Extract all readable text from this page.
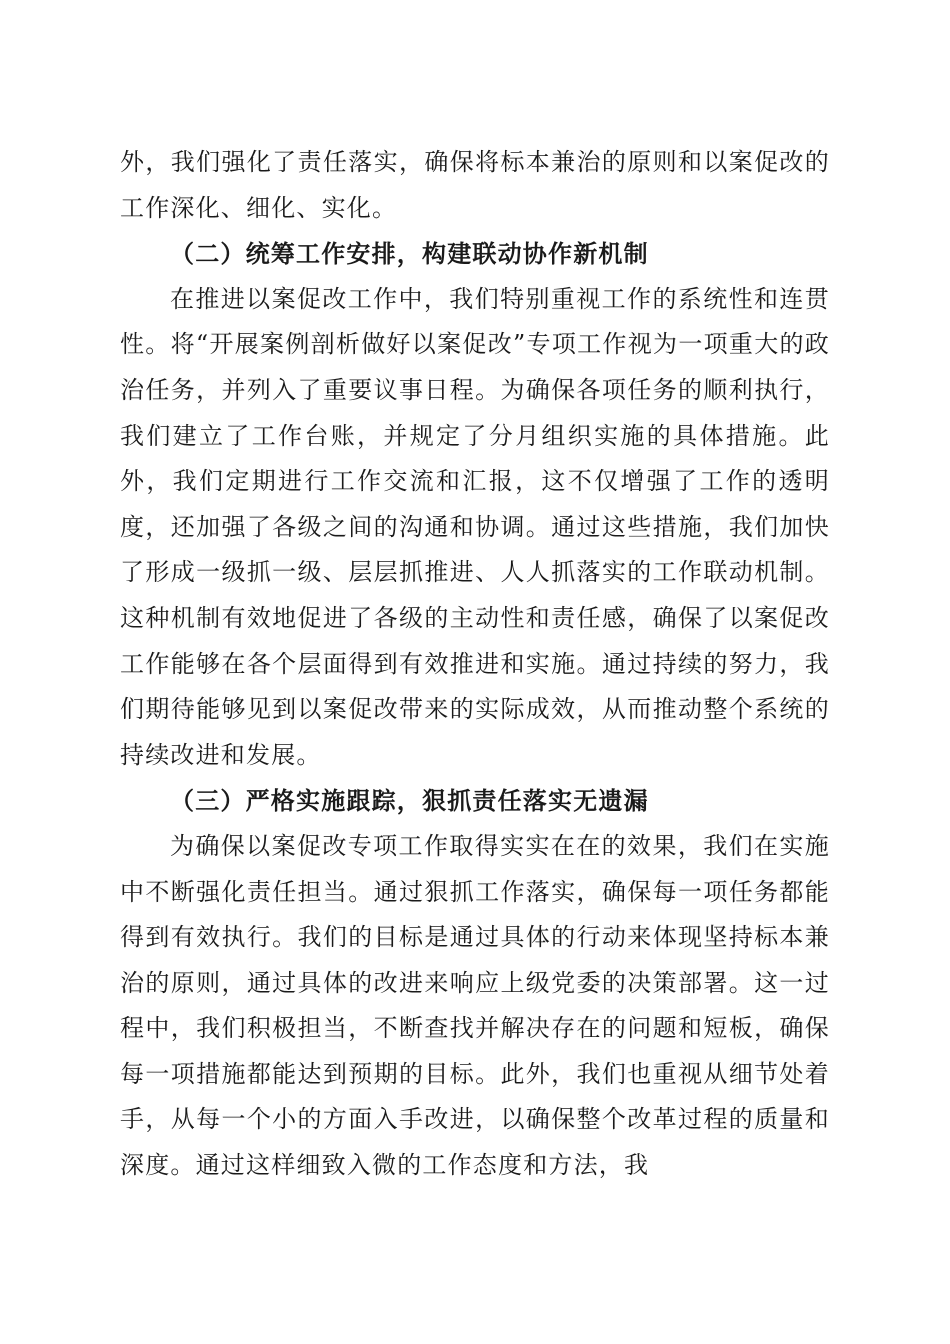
外，我们强化了责任落实，确保将标本兼治的原则和以案促改的工作深化、细化、实化。

（二）统筹工作安排，构建联动协作新机制

在推进以案促改工作中，我们特别重视工作的系统性和连贯性。将“开展案例剖析做好以案促改”专项工作视为一项重大的政治任务，并列入了重要议事日程。为确保各项任务的顺利执行，我们建立了工作台账，并规定了分月组织实施的具体措施。此外，我们定期进行工作交流和汇报，这不仅增强了工作的透明度，还加强了各级之间的沟通和协调。通过这些措施，我们加快了形成一级抓一级、层层抓推进、人人抓落实的工作联动机制。这种机制有效地促进了各级的主动性和责任感，确保了以案促改工作能够在各个层面得到有效推进和实施。通过持续的努力，我们期待能够见到以案促改带来的实际成效，从而推动整个系统的持续改进和发展。

（三）严格实施跟踪，狠抓责任落实无遗漏

为确保以案促改专项工作取得实实在在的效果，我们在实施中不断强化责任担当。通过狠抓工作落实，确保每一项任务都能得到有效执行。我们的目标是通过具体的行动来体现坚持标本兼治的原则，通过具体的改进来响应上级党委的决策部署。这一过程中，我们积极担当，不断查找并解决存在的问题和短板，确保每一项措施都能达到预期的目标。此外，我们也重视从细节处着手，从每一个小的方面入手改进，以确保整个改革过程的质量和深度。通过这样细致入微的工作态度和方法，我
